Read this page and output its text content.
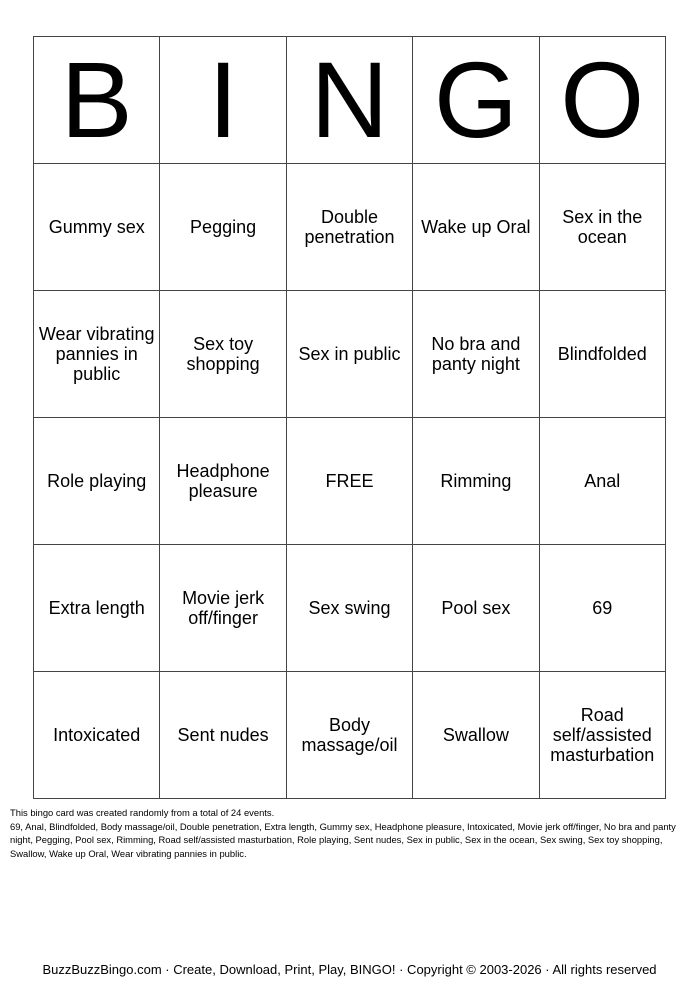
B	I	N	G	O
Gummy sex	Pegging	Double penetration	Wake up Oral	Sex in the ocean
Wear vibrating pannies in public	Sex toy shopping	Sex in public	No bra and panty night	Blindfolded
Role playing	Headphone pleasure	FREE	Rimming	Anal
Extra length	Movie jerk off/finger	Sex swing	Pool sex	69
Intoxicated	Sent nudes	Body massage/oil	Swallow	Road self/assisted masturbation
This bingo card was created randomly from a total of 24 events.
69, Anal, Blindfolded, Body massage/oil, Double penetration, Extra length, Gummy sex, Headphone pleasure, Intoxicated, Movie jerk off/finger, No bra and panty night, Pegging, Pool sex, Rimming, Road self/assisted masturbation, Role playing, Sent nudes, Sex in public, Sex in the ocean, Sex swing, Sex toy shopping, Swallow, Wake up Oral, Wear vibrating pannies in public.
BuzzBuzzBingo.com · Create, Download, Print, Play, BINGO! · Copyright © 2003-2026 · All rights reserved
